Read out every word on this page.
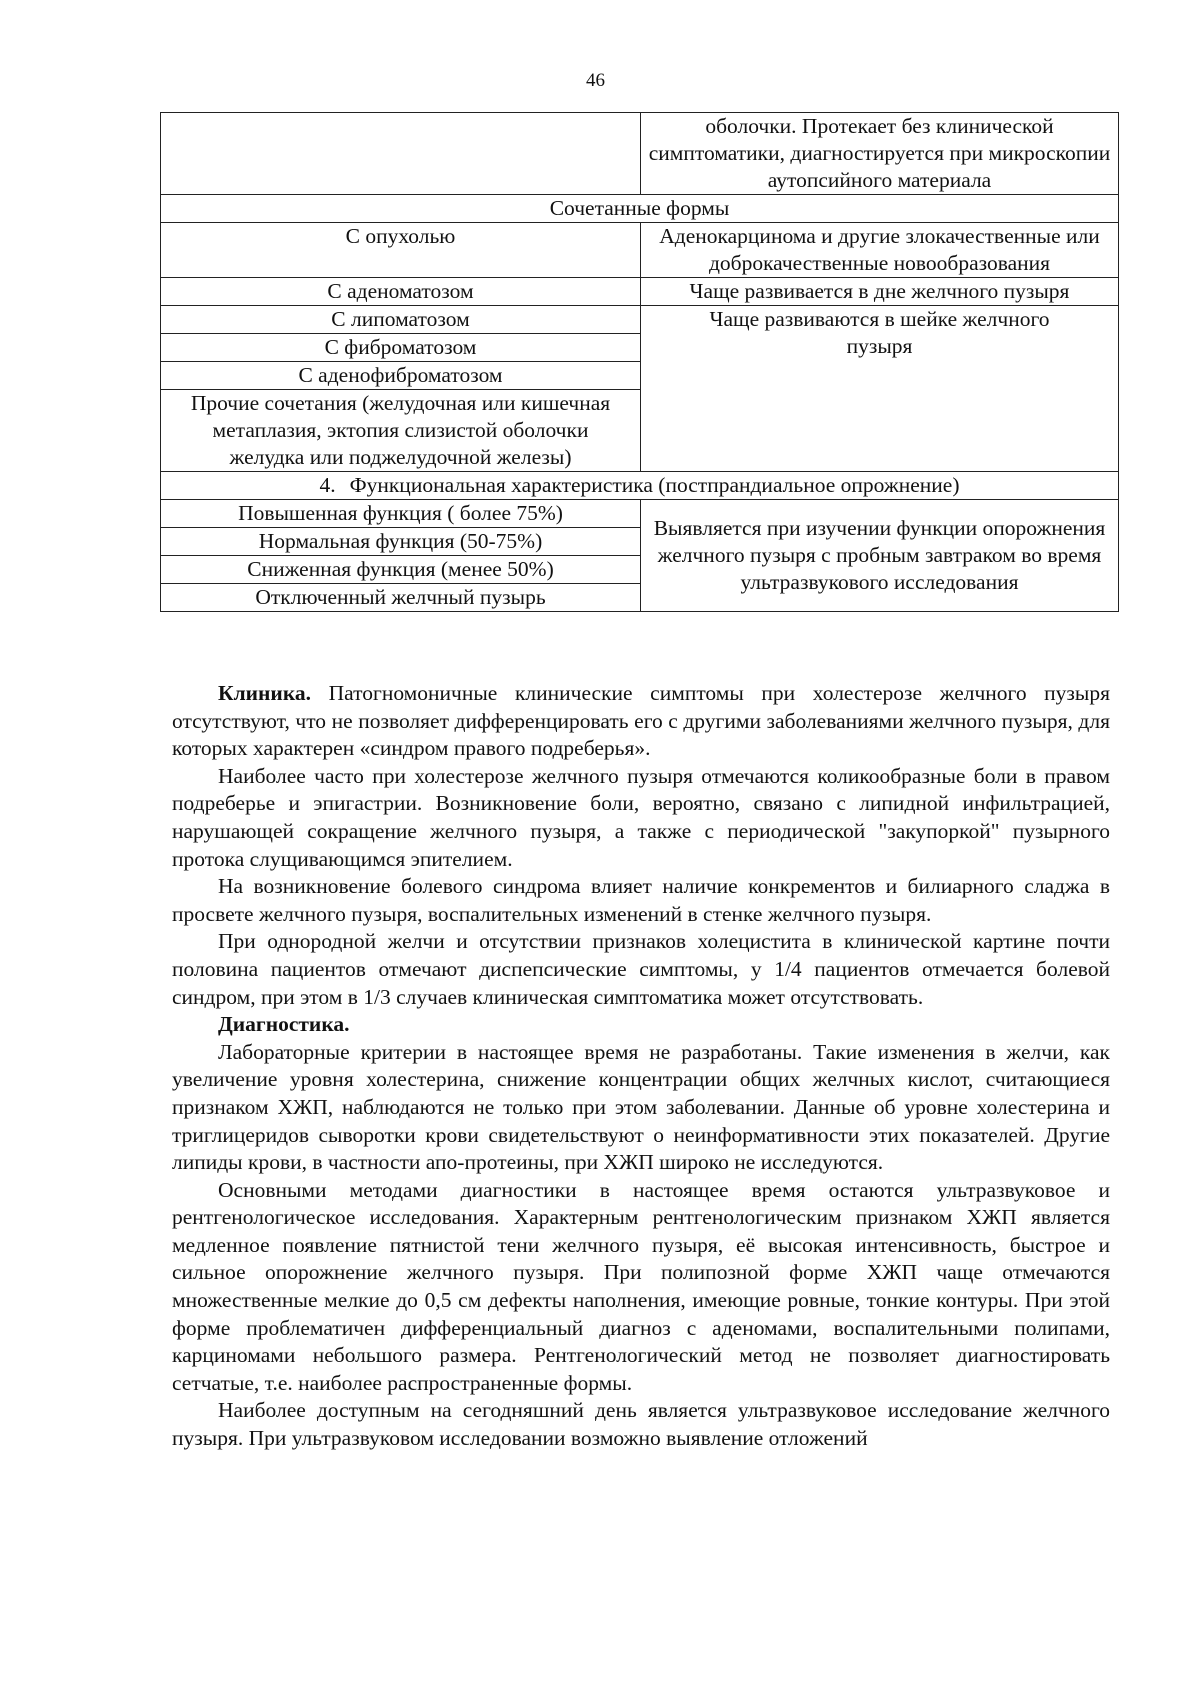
46
	оболочки. Протекает без клинической симптоматики, диагностируется при микроскопии аутопсийного материала
Сочетанные формы	
С опухолью	Аденокарцинома и другие злокачественные или доброкачественные новообразования
С аденоматозом	Чаще развивается в дне желчного пузыря
С липоматозом	Чаще развиваются в шейке желчного пузыря
С фиброматозом	
С аденофиброматозом	
Прочие сочетания (желудочная или кишечная метаплазия, эктопия слизистой оболочки желудка или поджелудочной железы)	
4. Функциональная характеристика (постпрандиальное опрожнение)	
Повышенная функция ( более 75%)	Выявляется при изучении функции опорожнения желчного пузыря с пробным завтраком во время ультразвукового исследования
Нормальная функция (50-75%)	
Сниженная функция (менее 50%)	
Отключенный желчный пузырь	

Клиника. Патогномоничные клинические симптомы при холестерозе желчного пузыря отсутствуют, что не позволяет дифференцировать его с другими заболеваниями желчного пузыря, для которых характерен «синдром правого подреберья».

Наиболее часто при холестерозе желчного пузыря отмечаются коликообразные боли в правом подреберье и эпигастрии. Возникновение боли, вероятно, связано с липидной инфильтрацией, нарушающей сокращение желчного пузыря, а также с периодической "закупоркой" пузырного протока слущивающимся эпителием.

На возникновение болевого синдрома влияет наличие конкрементов и билиарного сладжа в просвете желчного пузыря, воспалительных изменений в стенке желчного пузыря.

При однородной желчи и отсутствии признаков холецистита в клинической картине почти половина пациентов отмечают диспепсические симптомы, у 1/4 пациентов отмечается болевой синдром, при этом в 1/3 случаев клиническая симптоматика может отсутствовать.

Диагностика.

Лабораторные критерии в настоящее время не разработаны. Такие изменения в желчи, как увеличение уровня холестерина, снижение концентрации общих желчных кислот, считающиеся признаком ХЖП, наблюдаются не только при этом заболевании. Данные об уровне холестерина и триглицеридов сыворотки крови свидетельствуют о неинформативности этих показателей. Другие липиды крови, в частности апо-протеины, при ХЖП широко не исследуются.

Основными методами диагностики в настоящее время остаются ультразвуковое и рентгенологическое исследования. Характерным рентгенологическим признаком ХЖП является медленное появление пятнистой тени желчного пузыря, её высокая интенсивность, быстрое и сильное опорожнение желчного пузыря. При полипозной форме ХЖП чаще отмечаются множественные мелкие до 0,5 см дефекты наполнения, имеющие ровные, тонкие контуры. При этой форме проблематичен дифференциальный диагноз с аденомами, воспалительными полипами, карциномами небольшого размера. Рентгенологический метод не позволяет диагностировать сетчатые, т.е. наиболее распространенные формы.

Наиболее доступным на сегодняшний день является ультразвуковое исследование желчного пузыря. При ультразвуковом исследовании возможно выявление отложений
